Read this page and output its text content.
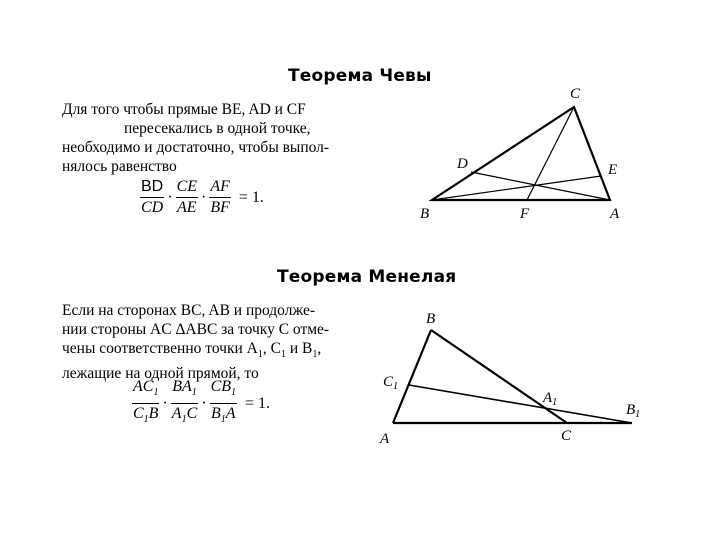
Теорема Чевы
Для того чтобы прямые BE, AD и CF
пересекались в одной точке,
необходимо и достаточно, чтобы выпол-
нялось равенство
$\frac{BD}{CD} \cdot \frac{CE}{AE} \cdot \frac{AF}{BF} = 1$.
C
D	E
B	F	A
B
$C_1$
$A_1$	$B_1$
A	C
Теорема Менелая
Если на сторонах BC, AB и продолже-
нии стороны AC ΔABC за точку C отме-
чены соответственно точки $A_1$, $C_1$ и $B_1$,
лежащие на одной прямой, то
$\frac{AC_1}{C_1B} \cdot \frac{BA_1}{A_1C} \cdot \frac{CB_1}{B_1A} = 1$.
